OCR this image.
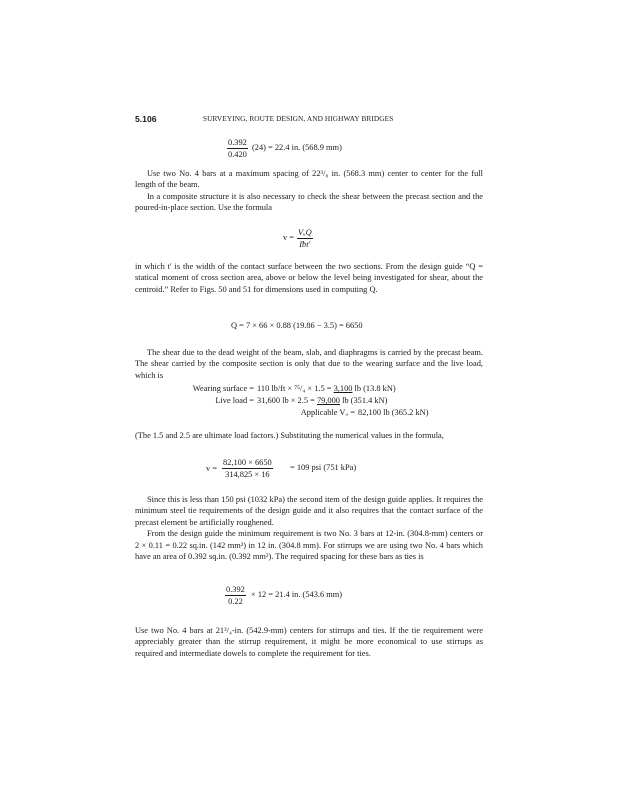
5.106	SURVEYING, ROUTE DESIGN, AND HIGHWAY BRIDGES
$\frac{0.392}{0.420} (24) = 22.4$ in. (568.9 mm)

Use two No. 4 bars at a maximum spacing of 22³/₈ in. (568.3 mm) center to center for the full length of the beam.

In a composite structure it is also necessary to check the shear between the precast section and the poured-in-place section. Use the formula

v =
VᵤQ
Iᵬt′

in which t′ is the width of the contact surface between the two sections. From the design guide “Q = statical moment of cross section area, above or below the level being investigated for shear, about the centroid.” Refer to Figs. 50 and 51 for dimensions used in computing Q.

Q = 7 × 66 × 0.88 (19.86 − 3.5) = 6650

The shear due to the dead weight of the beam, slab, and diaphragms is carried by the precast beam. The shear carried by the composite section is only that due to the wearing surface and the live load, which is

Wearing surface = 110 lb/ft × ⁷⁵/₄ × 1.5 = 3,100 lb (13.8 kN)
Live load = 31,600 lb × 2.5 = 79,000 lb (351.4 kN)
Applicable Vᵤ = 82,100 lb (365.2 kN)

(The 1.5 and 2.5 are ultimate load factors.) Substituting the numerical values in the formula,

$v = \frac{82,100 \times 6650}{314,825 \times 16} = 109$ psi (751 kPa)

Since this is less than 150 psi (1032 kPa) the second item of the design guide applies. It requires the minimum steel tie requirements of the design guide and it also requires that the contact surface of the precast element be artificially roughened.

From the design guide the minimum requirement is two No. 3 bars at 12-in. (304.8-mm) centers or 2 × 0.11 = 0.22 sq.in. (142 mm²) in 12 in. (304.8 mm). For stirrups we are using two No. 4 bars which have an area of 0.392 sq.in. (0.392 mm²). The required spacing for these bars as ties is

$\frac{0.392}{0.22} \times 12 = 21.4$ in. (543.6 mm)

Use two No. 4 bars at 21³/₄-in. (542.9-mm) centers for stirrups and ties. If the tie requirement were appreciably greater than the stirrup requirement, it might be more economical to use stirrups as required and intermediate dowels to complete the requirement for ties.
